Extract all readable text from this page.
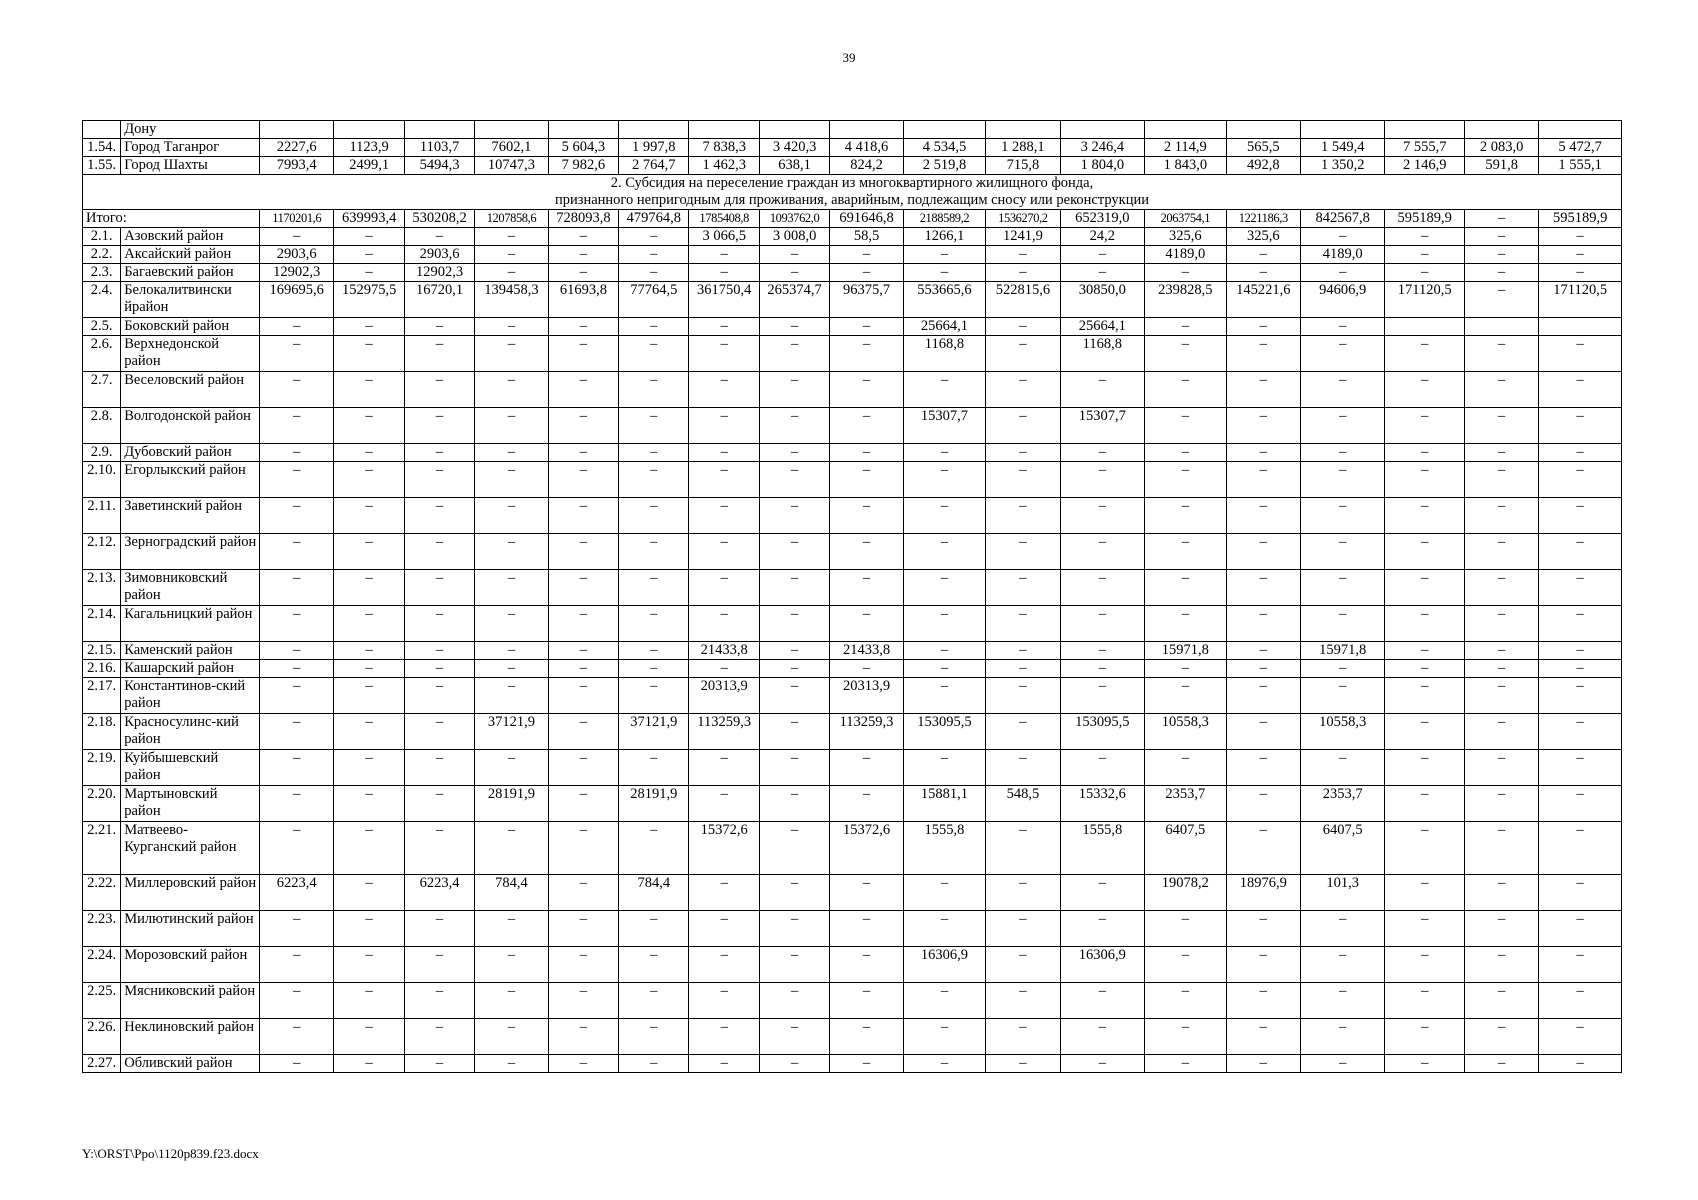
39
	Дону																		
1.54.	Город Таганрог	2227,6	1123,9	1103,7	7602,1	5 604,3	1 997,8	7 838,3	3 420,3	4 418,6	4 534,5	1 288,1	3 246,4	2 114,9	565,5	1 549,4	7 555,7	2 083,0	5 472,7
1.55.	Город Шахты	7993,4	2499,1	5494,3	10747,3	7 982,6	2 764,7	1 462,3	638,1	824,2	2 519,8	715,8	1 804,0	1 843,0	492,8	1 350,2	2 146,9	591,8	1 555,1
2. Субсидия на переселение граждан из многоквартирного жилищного фонда,
признанного непригодным для проживания, аварийным, подлежащим сносу или реконструкции																			
Итого:		1170201,6	639993,4	530208,2	1207858,6	728093,8	479764,8	1785408,8	1093762,0	691646,8	2188589,2	1536270,2	652319,0	2063754,1	1221186,3	842567,8	595189,9	–	595189,9
2.1.	Азовский район	–	–	–	–	–	–	3 066,5	3 008,0	58,5	1266,1	1241,9	24,2	325,6	325,6	–	–	–	–
2.2.	Аксайский район	2903,6	–	2903,6	–	–	–	–	–	–	–	–	–	4189,0	–	4189,0	–	–	–
2.3.	Багаевский район	12902,3	–	12902,3	–	–	–	–	–	–	–	–	–	–	–	–	–	–	–
2.4.	Белокалитвински йрайон	169695,6	152975,5	16720,1	139458,3	61693,8	77764,5	361750,4	265374,7	96375,7	553665,6	522815,6	30850,0	239828,5	145221,6	94606,9	171120,5	–	171120,5
2.5.	Боковский район	–	–	–	–	–	–	–	–	–	25664,1	–	25664,1	–	–	–			
2.6.	Верхнедонской район	–	–	–	–	–	–	–	–	–	1168,8	–	1168,8	–	–	–	–	–	–
2.7.	Веселовский район	–	–	–	–	–	–	–	–	–	–	–	–	–	–	–	–	–	–
2.8.	Волгодонской район	–	–	–	–	–	–	–	–	–	15307,7	–	15307,7	–	–	–	–	–	–
2.9.	Дубовский район	–	–	–	–	–	–	–	–	–	–	–	–	–	–	–	–	–	–
2.10.	Егорлыкский район	–	–	–	–	–	–	–	–	–	–	–	–	–	–	–	–	–	–
2.11.	Заветинский район	–	–	–	–	–	–	–	–	–	–	–	–	–	–	–	–	–	–
2.12.	Зерноградский район	–	–	–	–	–	–	–	–	–	–	–	–	–	–	–	–	–	–
2.13.	Зимовниковский район	–	–	–	–	–	–	–	–	–	–	–	–	–	–	–	–	–	–
2.14.	Кагальницкий район	–	–	–	–	–	–	–	–	–	–	–	–	–	–	–	–	–	–
2.15.	Каменский район	–	–	–	–	–	–	21433,8	–	21433,8	–	–	–	15971,8	–	15971,8	–	–	–
2.16.	Кашарский район	–	–	–	–	–	–	–	–	–	–	–	–	–	–	–	–	–	–
2.17.	Константинов-ский район	–	–	–	–	–	–	20313,9	–	20313,9	–	–	–	–	–	–	–	–	–
2.18.	Красносулинс-кий район	–	–	–	37121,9	–	37121,9	113259,3	–	113259,3	153095,5	–	153095,5	10558,3	–	10558,3	–	–	–
2.19.	Куйбышевский район	–	–	–	–	–	–	–	–	–	–	–	–	–	–	–	–	–	–
2.20.	Мартыновский район	–	–	–	28191,9	–	28191,9	–	–	–	15881,1	548,5	15332,6	2353,7	–	2353,7	–	–	–
2.21.	Матвеево-Курганский район	–	–	–	–	–	–	15372,6	–	15372,6	1555,8	–	1555,8	6407,5	–	6407,5	–	–	–
2.22.	Миллеровский район	6223,4	–	6223,4	784,4	–	784,4	–	–	–	–	–	–	19078,2	18976,9	101,3	–	–	–
2.23.	Милютинский район	–	–	–	–	–	–	–	–	–	–	–	–	–	–	–	–	–	–
2.24.	Морозовский район	–	–	–	–	–	–	–	–	–	16306,9	–	16306,9	–	–	–	–	–	–
2.25.	Мясниковский район	–	–	–	–	–	–	–	–	–	–	–	–	–	–	–	–	–	–
2.26.	Неклиновский район	–	–	–	–	–	–	–	–	–	–	–	–	–	–	–	–	–	–
2.27.	Обливский район	–	–	–	–	–	–	–	–	–	–	–	–	–	–	–	–	–	–
Y:\ORST\Ppo\1120p839.f23.docx
